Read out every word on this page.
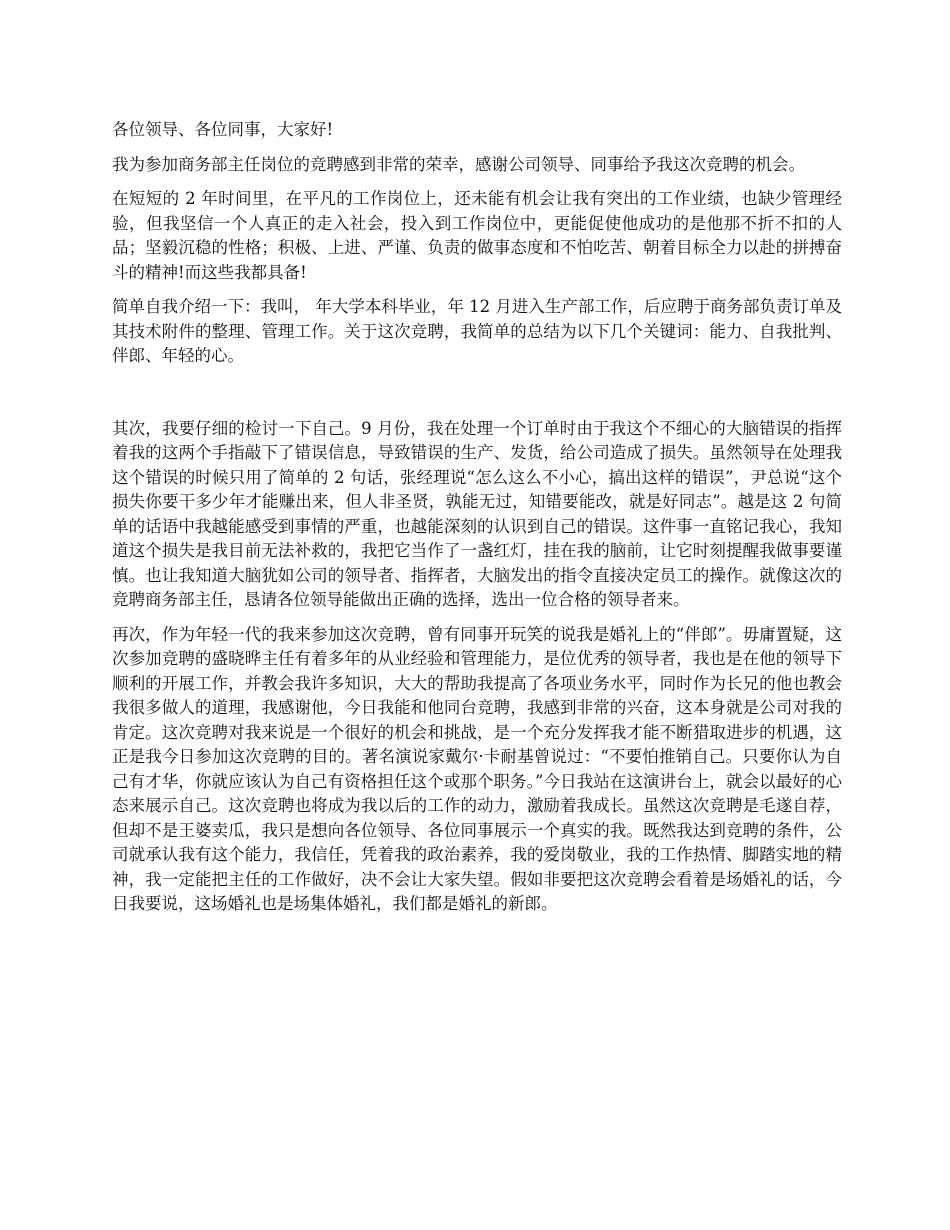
各位领导、各位同事，大家好!

我为参加商务部主任岗位的竞聘感到非常的荣幸，感谢公司领导、同事给予我这次竞聘的机会。

在短短的 2 年时间里，在平凡的工作岗位上，还未能有机会让我有突出的工作业绩，也缺少管理经验，但我坚信一个人真正的走入社会，投入到工作岗位中，更能促使他成功的是他那不折不扣的人品；坚毅沉稳的性格；积极、上进、严谨、负责的做事态度和不怕吃苦、朝着目标全力以赴的拼搏奋斗的精神!而这些我都具备!

简单自我介绍一下：我叫， 年大学本科毕业，年 12 月进入生产部工作，后应聘于商务部负责订单及其技术附件的整理、管理工作。关于这次竞聘，我简单的总结为以下几个关键词：能力、自我批判、伴郎、年轻的心。

其次，我要仔细的检讨一下自己。9 月份，我在处理一个订单时由于我这个不细心的大脑错误的指挥着我的这两个手指敲下了错误信息，导致错误的生产、发货，给公司造成了损失。虽然领导在处理我这个错误的时候只用了简单的 2 句话，张经理说“怎么这么不小心，搞出这样的错误”，尹总说“这个损失你要干多少年才能赚出来，但人非圣贤，孰能无过，知错要能改，就是好同志”。越是这 2 句简单的话语中我越能感受到事情的严重，也越能深刻的认识到自己的错误。这件事一直铭记我心，我知道这个损失是我目前无法补救的，我把它当作了一盏红灯，挂在我的脑前，让它时刻提醒我做事要谨慎。也让我知道大脑犹如公司的领导者、指挥者，大脑发出的指令直接决定员工的操作。就像这次的竞聘商务部主任，恳请各位领导能做出正确的选择，选出一位合格的领导者来。

再次，作为年轻一代的我来参加这次竞聘，曾有同事开玩笑的说我是婚礼上的“伴郎”。毋庸置疑，这次参加竞聘的盛晓晔主任有着多年的从业经验和管理能力，是位优秀的领导者，我也是在他的领导下顺利的开展工作，并教会我许多知识，大大的帮助我提高了各项业务水平，同时作为长兄的他也教会我很多做人的道理，我感谢他，今日我能和他同台竞聘，我感到非常的兴奋，这本身就是公司对我的肯定。这次竞聘对我来说是一个很好的机会和挑战，是一个充分发挥我才能不断猎取进步的机遇，这正是我今日参加这次竞聘的目的。著名演说家戴尔·卡耐基曾说过：“不要怕推销自己。只要你认为自己有才华，你就应该认为自己有资格担任这个或那个职务。”今日我站在这演讲台上，就会以最好的心态来展示自己。这次竞聘也将成为我以后的工作的动力，激励着我成长。虽然这次竞聘是毛遂自荐，但却不是王婆卖瓜，我只是想向各位领导、各位同事展示一个真实的我。既然我达到竞聘的条件，公司就承认我有这个能力，我信任，凭着我的政治素养，我的爱岗敬业，我的工作热情、脚踏实地的精神，我一定能把主任的工作做好，决不会让大家失望。假如非要把这次竞聘会看着是场婚礼的话，今日我要说，这场婚礼也是场集体婚礼，我们都是婚礼的新郎。
